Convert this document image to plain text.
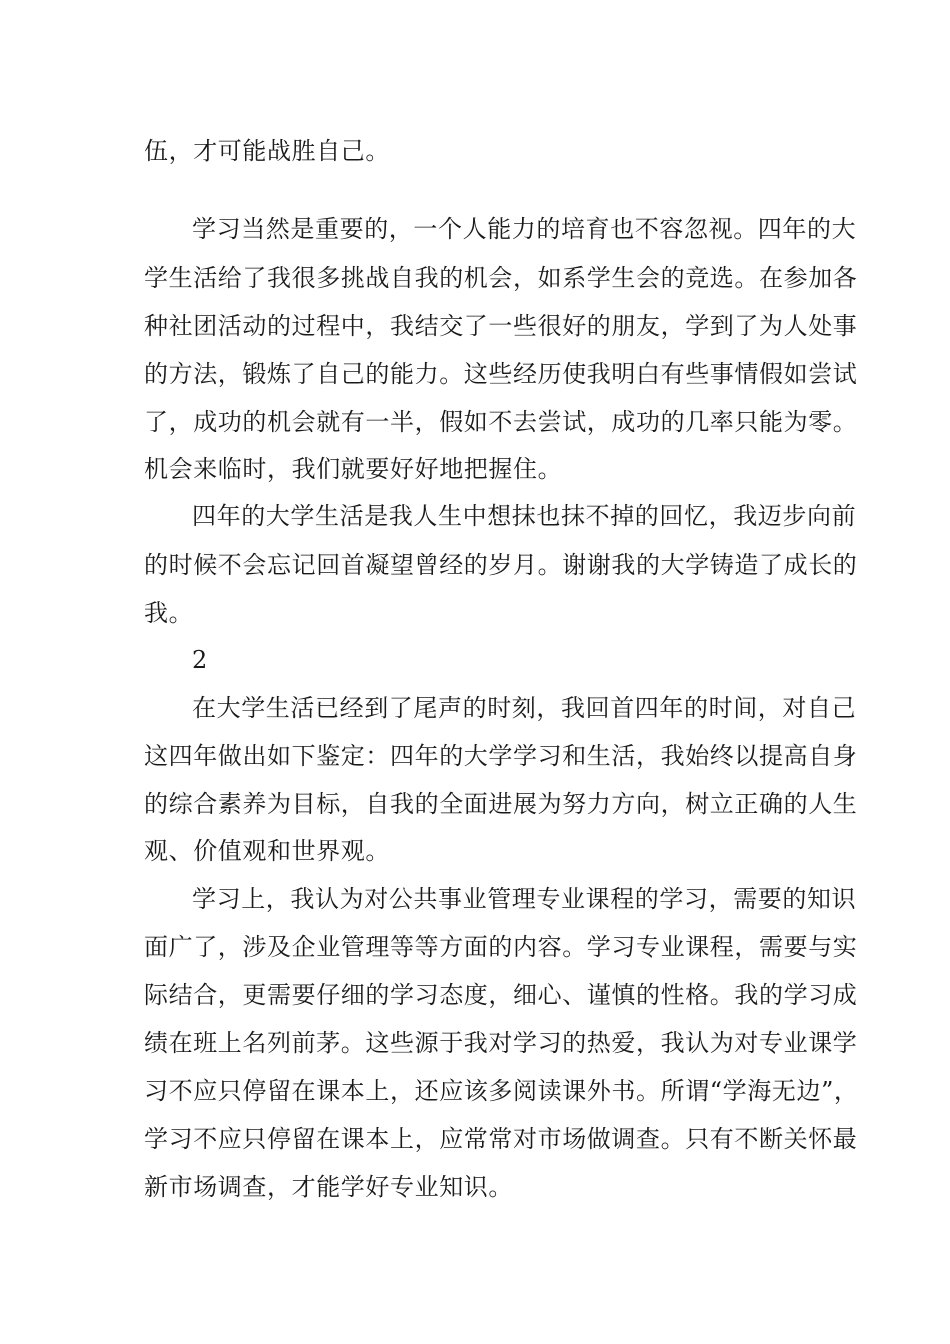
伍，才可能战胜自己。
学习当然是重要的，一个人能力的培育也不容忽视。四年的大
学生活给了我很多挑战自我的机会，如系学生会的竞选。在参加各
种社团活动的过程中，我结交了一些很好的朋友，学到了为人处事
的方法，锻炼了自己的能力。这些经历使我明白有些事情假如尝试
了，成功的机会就有一半，假如不去尝试，成功的几率只能为零。
机会来临时，我们就要好好地把握住。
四年的大学生活是我人生中想抹也抹不掉的回忆，我迈步向前
的时候不会忘记回首凝望曾经的岁月。谢谢我的大学铸造了成长的
我。
2
在大学生活已经到了尾声的时刻，我回首四年的时间，对自己
这四年做出如下鉴定：四年的大学学习和生活，我始终以提高自身
的综合素养为目标，自我的全面进展为努力方向，树立正确的人生
观、价值观和世界观。
学习上，我认为对公共事业管理专业课程的学习，需要的知识
面广了，涉及企业管理等等方面的内容。学习专业课程，需要与实
际结合，更需要仔细的学习态度，细心、谨慎的性格。我的学习成
绩在班上名列前茅。这些源于我对学习的热爱，我认为对专业课学
习不应只停留在课本上，还应该多阅读课外书。所谓“学海无边”，
学习不应只停留在课本上，应常常对市场做调查。只有不断关怀最
新市场调查，才能学好专业知识。
